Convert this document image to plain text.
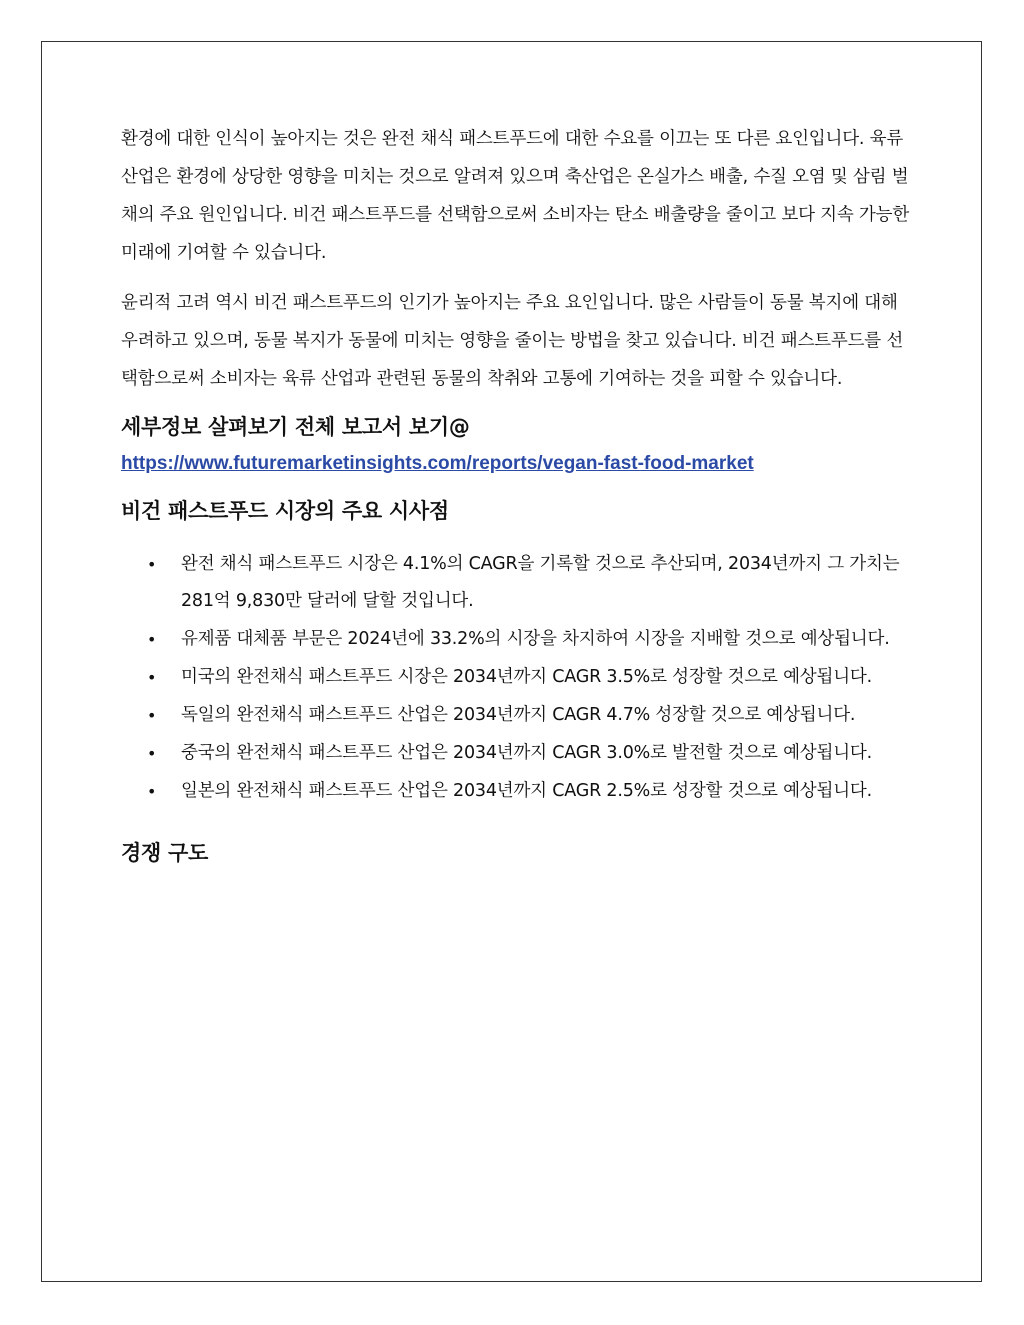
환경에 대한 인식이 높아지는 것은 완전 채식 패스트푸드에 대한 수요를 이끄는 또 다른 요인입니다. 육류 산업은 환경에 상당한 영향을 미치는 것으로 알려져 있으며 축산업은 온실가스 배출, 수질 오염 및 삼림 벌채의 주요 원인입니다. 비건 패스트푸드를 선택함으로써 소비자는 탄소 배출량을 줄이고 보다 지속 가능한 미래에 기여할 수 있습니다.

윤리적 고려 역시 비건 패스트푸드의 인기가 높아지는 주요 요인입니다. 많은 사람들이 동물 복지에 대해 우려하고 있으며, 동물 복지가 동물에 미치는 영향을 줄이는 방법을 찾고 있습니다. 비건 패스트푸드를 선택함으로써 소비자는 육류 산업과 관련된 동물의 착취와 고통에 기여하는 것을 피할 수 있습니다.

세부정보 살펴보기 전체 보고서 보기@
https://www.futuremarketinsights.com/reports/vegan-fast-food-market
비건 패스트푸드 시장의 주요 시사점
• 완전 채식 패스트푸드 시장은 4.1%의 CAGR을 기록할 것으로 추산되며, 2034년까지 그 가치는 281억 9,830만 달러에 달할 것입니다.
• 유제품 대체품 부문은 2024년에 33.2%의 시장을 차지하여 시장을 지배할 것으로 예상됩니다.
• 미국의 완전채식 패스트푸드 시장은 2034년까지 CAGR 3.5%로 성장할 것으로 예상됩니다.
• 독일의 완전채식 패스트푸드 산업은 2034년까지 CAGR 4.7% 성장할 것으로 예상됩니다.
• 중국의 완전채식 패스트푸드 산업은 2034년까지 CAGR 3.0%로 발전할 것으로 예상됩니다.
• 일본의 완전채식 패스트푸드 산업은 2034년까지 CAGR 2.5%로 성장할 것으로 예상됩니다.
경쟁 구도
